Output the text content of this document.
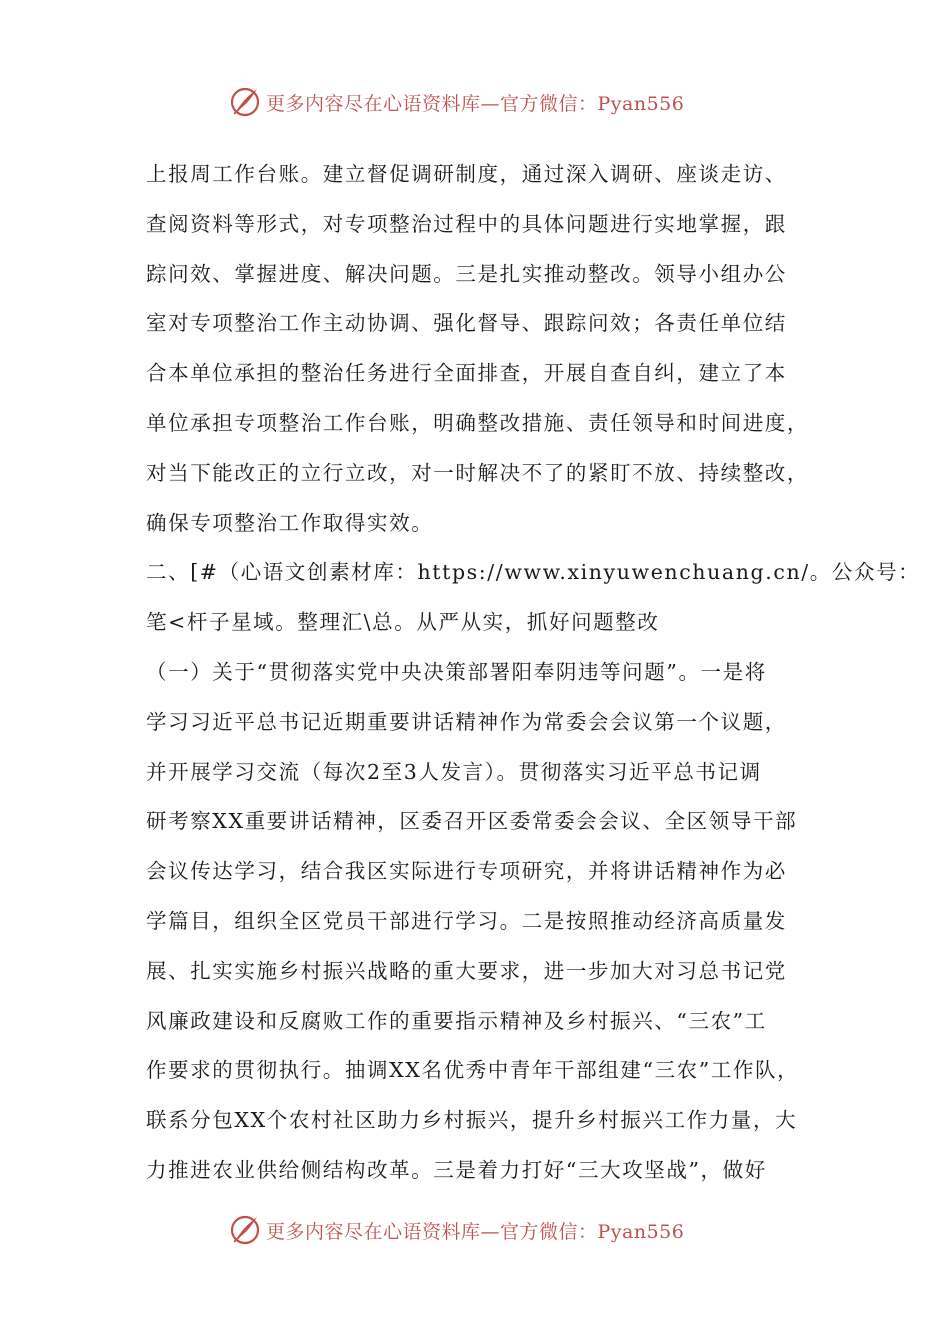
更多内容尽在心语资料库—官方微信：Pyan556
上报周工作台账。建立督促调研制度，通过深入调研、座谈走访、
查阅资料等形式，对专项整治过程中的具体问题进行实地掌握，跟
踪问效、掌握进度、解决问题。三是扎实推动整改。领导小组办公
室对专项整治工作主动协调、强化督导、跟踪问效；各责任单位结
合本单位承担的整治任务进行全面排查，开展自查自纠，建立了本
单位承担专项整治工作台账，明确整改措施、责任领导和时间进度，
对当下能改正的立行立改，对一时解决不了的紧盯不放、持续整改，
确保专项整治工作取得实效。
二、[#（心语文创素材库：https://www.xinyuwenchuang.cn/。公众号：
笔<杆子星域。整理汇\总。从严从实，抓好问题整改
（一）关于“贯彻落实党中央决策部署阳奉阴违等问题”。一是将
学习习近平总书记近期重要讲话精神作为常委会会议第一个议题，
并开展学习交流（每次2至3人发言）。贯彻落实习近平总书记调
研考察XX重要讲话精神，区委召开区委常委会会议、全区领导干部
会议传达学习，结合我区实际进行专项研究，并将讲话精神作为必
学篇目，组织全区党员干部进行学习。二是按照推动经济高质量发
展、扎实实施乡村振兴战略的重大要求，进一步加大对习总书记党
风廉政建设和反腐败工作的重要指示精神及乡村振兴、“三农”工
作要求的贯彻执行。抽调XX名优秀中青年干部组建“三农”工作队，
联系分包XX个农村社区助力乡村振兴，提升乡村振兴工作力量，大
力推进农业供给侧结构改革。三是着力打好“三大攻坚战”，做好
更多内容尽在心语资料库—官方微信：Pyan556
